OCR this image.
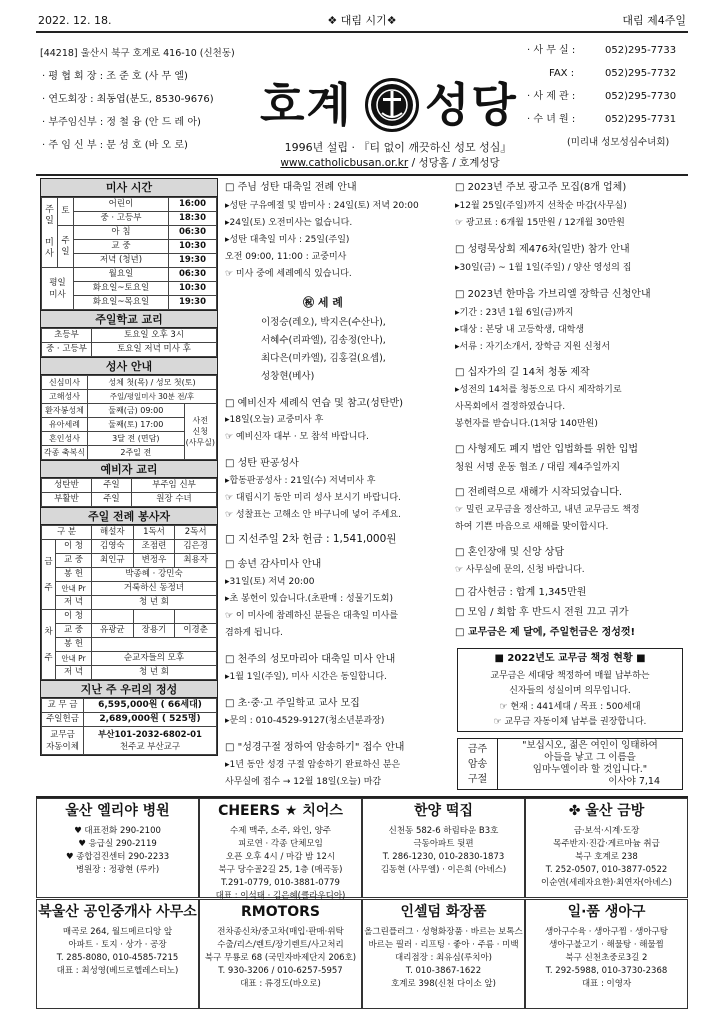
2022. 12. 18.	❖ 대림 시기❖	대림 제4주일
[44218] 울산시 북구 호계로 416-10 (신천동)
· 평 협 회 장 : 조 준 호 (사 무 엘)
· 연도회장 : 최동엽(분도, 8530-9676)
· 부주임신부 : 정 철 융 (안 드 레 아)
· 주 임 신 부 : 문 성 호 (바 오 로)
호계 성당
1996년 설립 · 『티 없이 깨끗하신 성모 성심』
www.catholicbusan.or.kr / 성당홈 / 호계성당
· 사 무 실 :	052)295-7733
FAX :	052)295-7732
· 사 제 관 :	052)295-7730
· 수 녀 원 :	052)295-7731
(미리내 성모성심수녀회)
미사 시간
주
일

미
사	토	어린이	16:00
		중 · 고등부	18:30
	주
일	아 침	06:30
		교 중	10:30
		저녁 (청년)	19:30
평일
미사		월요일	06:30
		화요일~토요일	10:30
		화요일~목요일	19:30
주일학교 교리
초등부	토요일 오후 3시
중 · 고등부	토요일 저녁 미사 후
성사 안내
신심미사	성체 첫(목) / 성모 첫(토)	
고해성사	주일/평일미사 30분 전/후	
환자봉성체	둘째(금) 09:00	사전
신청
(사무실)
유아세례	둘째(토) 17:00	
혼인성사	3달 전 (면담)	
각종 축복식	2주일 전	
예비자 교리
성탄반	주일	부주임 신부
부활반	주일	원장 수녀
주일 전례 봉사자
구 분		해설자	1독서	2독서
금
주	이 청	김영숙	조점련	김은경
	교 중	최인규	변정우	최용자
	봉 헌	박종혜 · 강민숙		
	안내 Pr	거룩하신 동정녀		
	저 녁	청 년 회		
차
주	이 청			
	교 중	유광균	장용기	이경춘
	봉 헌			
	안내 Pr	순교자들의 모후		
	저 녁	청 년 회		
지난 주 우리의 정성
교 무 금	6,595,000원 ( 66세대)
주일헌금	2,689,000원 ( 525명)
교무금
자동이체	부산101-2032-6802-01
천주교 부산교구
□ 주님 성탄 대축일 전례 안내
▸성탄 구유예절 및 밤미사 : 24일(토) 저녁 20:00
▸24일(토) 오전미사는 없습니다.
▸성탄 대축일 미사 : 25일(주일)
오전 09:00, 11:00 : 교중미사
☞ 미사 중에 세례예식 있습니다.
㊗ 세 례
이정승(레오), 박지은(수산나),
서혜수(리파엘), 김송정(안나),
최다은(미카엘), 김홍걸(요셉),
성창현(베사)
□ 예비신자 세례식 연습 및 참고(성탄반)
▸18일(오늘) 교중미사 후
☞ 예비신자 대부 · 모 참석 바랍니다.
□ 성탄 판공성사
▸합동판공성사 : 21일(수) 저녁미사 후
☞ 대림시기 동안 미리 성사 보시기 바랍니다.
☞ 성찰표는 고해소 안 바구니에 넣어 주세요.
□ 지선주일 2차 헌금 : 1,541,000원
□ 송년 감사미사 안내
▸31일(토) 저녁 20:00
▸초 봉헌이 있습니다.(초판매 : 성물기도회)
☞ 이 미사에 참례하신 분들은 대축일 미사를
겸하게 됩니다.
□ 천주의 성모마리아 대축일 미사 안내
▸1월 1일(주일), 미사 시간은 동일합니다.
□ 초·중·고 주일학교 교사 모집
▸문의 : 010-4529-9127(청소년분과장)
□ "성경구절 정하여 암송하기" 접수 안내
▸1년 동안 성경 구절 암송하기 완료하신 분은
사무실에 접수 → 12월 18일(오늘) 마감
□ 2023년 주보 광고주 모집(8개 업체)
▸12월 25일(주일)까지 선착순 마감(사무실)
☞ 광고료 : 6개월 15만원 / 12개월 30만원
□ 성령묵상회 제476차(일반) 참가 안내
▸30일(금) ~ 1월 1일(주일) / 양산 영성의 집
□ 2023년 한마음 가브리엘 장학금 신청안내
▸기간 : 23년 1월 6일(금)까지
▸대상 : 본당 내 고등학생, 대학생
▸서류 : 자기소개서, 장학금 지원 신청서
□ 십자가의 길 14처 청동 제작
▸성전의 14처를 청동으로 다시 제작하기로
사목회에서 결정하였습니다.
봉헌자를 받습니다.(1처당 140만원)
□ 사형제도 폐지 법안 입법화를 위한 입법
청원 서명 운동 협조 / 대림 제4주일까지
□ 전례력으로 새해가 시작되었습니다.
☞ 밀린 교무금을 정산하고, 내년 교무금도 책정
하여 기쁜 마음으로 새해를 맞이합시다.
□ 혼인장애 및 신앙 상담
☞ 사무실에 문의, 신청 바랍니다.
□ 감사헌금 : 합계 1,345만원
□ 모임 / 회합 후 반드시 전원 끄고 귀가
□ 교무금은 제 달에, 주일헌금은 정성껏!
■ 2022년도 교무금 책정 현황 ■
교무금은 세대당 책정하여 매월 납부하는
신자들의 성실이며 의무입니다.
☞ 현재 : 441세대 / 목표 : 500세대
☞ 교무금 자동이체 납부를 권장합니다.
금주
암송
구절
"보십시오, 젊은 여인이 잉태하여
아들을 낳고 그 이름을
임마누엘이라 할 것입니다."

이사야 7,14
울산 엘리야 병원
♥ 대표전화 290-2100
♥ 응급실 290-2119
♥ 종합검진센터 290-2233
병원장 : 정광현 (루카)
CHEERS ★ 치어스
수제 맥주, 소주, 와인, 양주
피로연 · 각종 단체모임
오픈 오후 4시 / 마감 밤 12시
북구 당수골2길 25, 1층 (매곡동)
T.291-0779, 010-3881-0779
대표 : 이석태 · 김은혜(클라우디아)
한양 떡집
신천동 582-6 하림타운 B3호
극동아파트 뒷편
T. 286-1230, 010-2830-1873
김동현 (사무엘) · 이은희 (아녜스)
✤ 울산 금방
금·보석·시계·도장
목주반지·진갑·게르마늄 취급
북구 호계로 238
T. 252-0507, 010-3877-0522
이순연(세레자요한)·최연자(아녜스)
북울산 공인중개사 사무소
매곡로 264, 월드메르디앙 앞
아파트 · 토지 · 상가 · 공장
T. 285-8080, 010-4585-7215
대표 : 최성영(베드로헬레스터노)
RMOTORS
전차종신차/중고차(매입·판매·위탁
수출/리스/렌트/장기렌트/사고처리
북구 무룡로 68 (국민자바제단지 206호)
T. 930-3206 / 010-6257-5957
대표 : 류경도(바오로)
인셀덤 화장품
올그린플러그 · 성형화장품 · 바르는 보톡스
바르는 필러 · 리프팅 · 좋아 · 주름 · 미백
대리점장 : 최유심(루치아)
T. 010-3867-1622
호계로 398(신천 다이소 앞)
일·품 생아구
생아구수육 · 생아구찜 · 생아구탕
생아구불고기 · 해물탕 · 해물찜
북구 신천초중로3길 2
T. 292-5988, 010-3730-2368
대표 : 이영자
